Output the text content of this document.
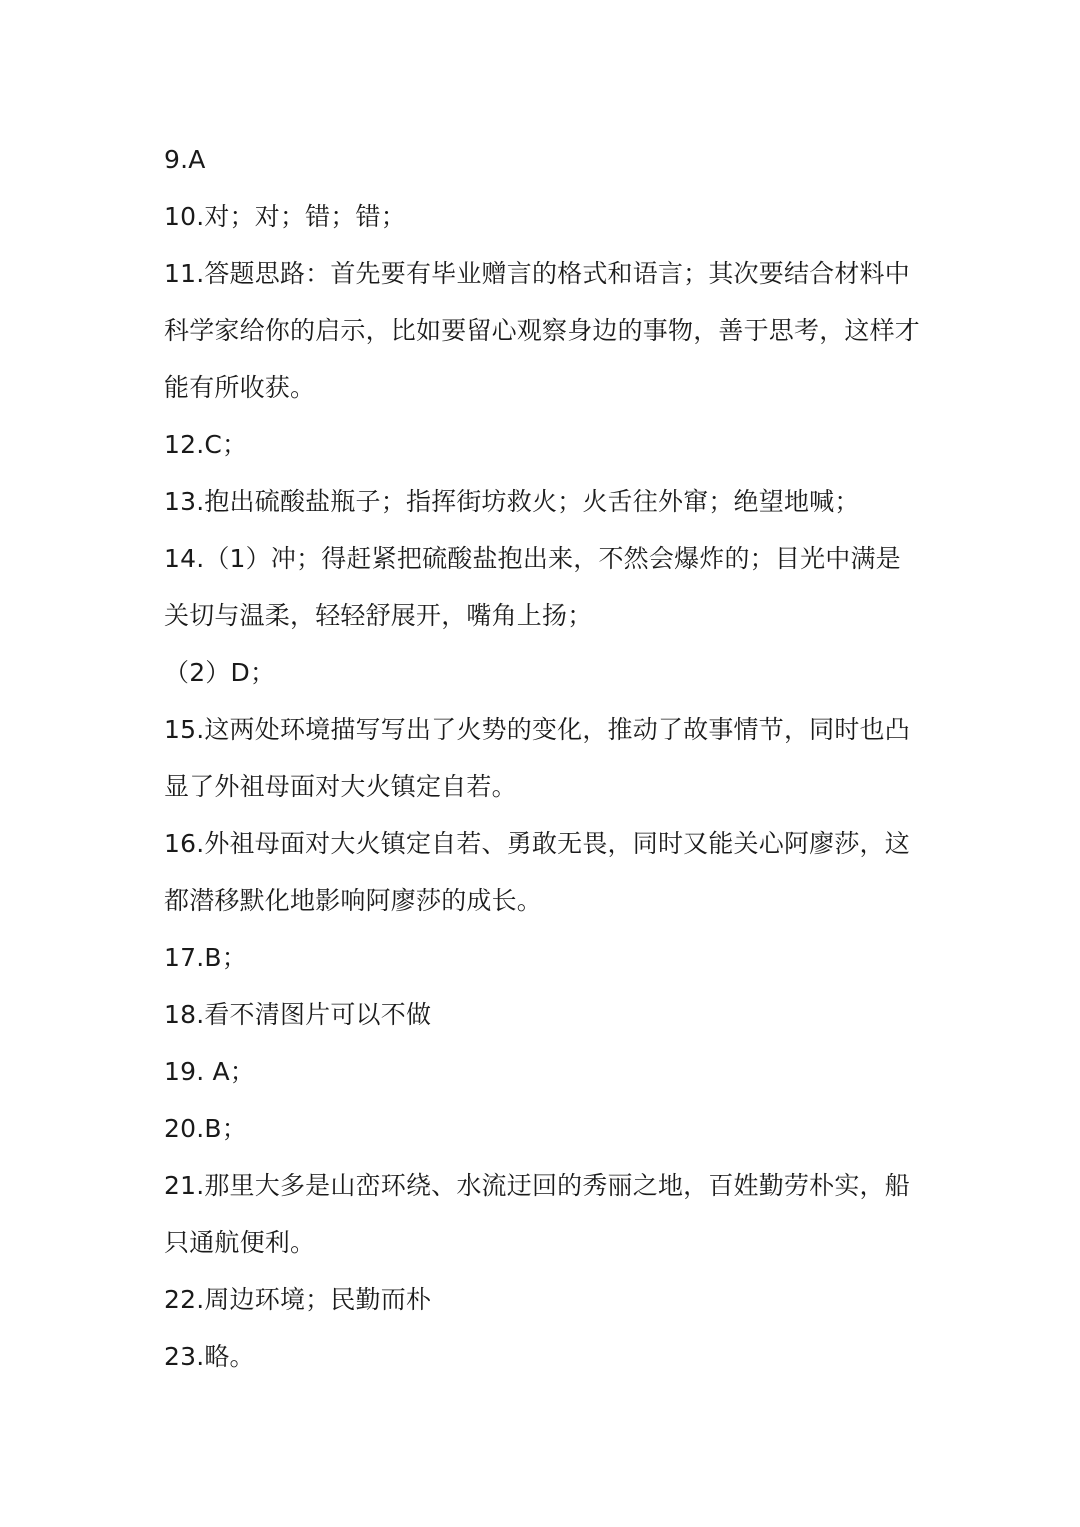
9.A

10.对；对；错；错；

11.答题思路：首先要有毕业赠言的格式和语言；其次要结合材料中科学家给你的启示，比如要留心观察身边的事物，善于思考，这样才能有所收获。

12.C；

13.抱出硫酸盐瓶子；指挥街坊救火；火舌往外窜；绝望地喊；

14.（1）冲；得赶紧把硫酸盐抱出来，不然会爆炸的；目光中满是关切与温柔，轻轻舒展开，嘴角上扬；

（2）D；

15.这两处环境描写写出了火势的变化，推动了故事情节，同时也凸显了外祖母面对大火镇定自若。

16.外祖母面对大火镇定自若、勇敢无畏，同时又能关心阿廖莎，这都潜移默化地影响阿廖莎的成长。

17.B；

18.看不清图片可以不做

19. A；

20.B；

21.那里大多是山峦环绕、水流迂回的秀丽之地，百姓勤劳朴实，船只通航便利。

22.周边环境；民勤而朴

23.略。
